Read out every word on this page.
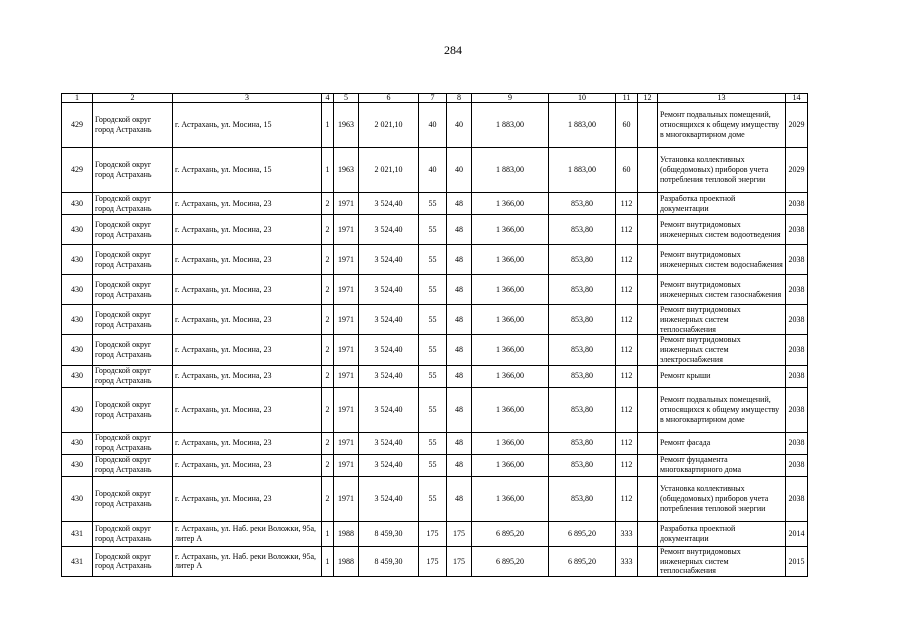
284
1	2	3	4	5	6	7	8	9	10	11	12	13	14
429	Городской округ город Астрахань	г. Астрахань, ул. Мосина, 15	1	1963	2 021,10	40	40	1 883,00	1 883,00	60		Ремонт подвальных помещений, относящихся к общему имуществу в многоквартирном доме	2029
429	Городской округ город Астрахань	г. Астрахань, ул. Мосина, 15	1	1963	2 021,10	40	40	1 883,00	1 883,00	60		Установка коллективных (общедомовых) приборов учета потребления тепловой энергии	2029
430	Городской округ город Астрахань	г. Астрахань, ул. Мосина, 23	2	1971	3 524,40	55	48	1 366,00	853,80	112		Разработка проектной документации	2038
430	Городской округ город Астрахань	г. Астрахань, ул. Мосина, 23	2	1971	3 524,40	55	48	1 366,00	853,80	112		Ремонт внутридомовых инженерных систем водоотведения	2038
430	Городской округ город Астрахань	г. Астрахань, ул. Мосина, 23	2	1971	3 524,40	55	48	1 366,00	853,80	112		Ремонт внутридомовых инженерных систем водоснабжения	2038
430	Городской округ город Астрахань	г. Астрахань, ул. Мосина, 23	2	1971	3 524,40	55	48	1 366,00	853,80	112		Ремонт внутридомовых инженерных систем газоснабжения	2038
430	Городской округ город Астрахань	г. Астрахань, ул. Мосина, 23	2	1971	3 524,40	55	48	1 366,00	853,80	112		Ремонт внутридомовых инженерных систем теплоснабжения	2038
430	Городской округ город Астрахань	г. Астрахань, ул. Мосина, 23	2	1971	3 524,40	55	48	1 366,00	853,80	112		Ремонт внутридомовых инженерных систем электроснабжения	2038
430	Городской округ город Астрахань	г. Астрахань, ул. Мосина, 23	2	1971	3 524,40	55	48	1 366,00	853,80	112		Ремонт крыши	2038
430	Городской округ город Астрахань	г. Астрахань, ул. Мосина, 23	2	1971	3 524,40	55	48	1 366,00	853,80	112		Ремонт подвальных помещений, относящихся к общему имуществу в многоквартирном доме	2038
430	Городской округ город Астрахань	г. Астрахань, ул. Мосина, 23	2	1971	3 524,40	55	48	1 366,00	853,80	112		Ремонт фасада	2038
430	Городской округ город Астрахань	г. Астрахань, ул. Мосина, 23	2	1971	3 524,40	55	48	1 366,00	853,80	112		Ремонт фундамента многоквартирного дома	2038
430	Городской округ город Астрахань	г. Астрахань, ул. Мосина, 23	2	1971	3 524,40	55	48	1 366,00	853,80	112		Установка коллективных (общедомовых) приборов учета потребления тепловой энергии	2038
431	Городской округ город Астрахань	г. Астрахань, ул. Наб. реки Воложки, 95а, литер А	1	1988	8 459,30	175	175	6 895,20	6 895,20	333		Разработка проектной документации	2014
431	Городской округ город Астрахань	г. Астрахань, ул. Наб. реки Воложки, 95а, литер А	1	1988	8 459,30	175	175	6 895,20	6 895,20	333		Ремонт внутридомовых инженерных систем теплоснабжения	2015
